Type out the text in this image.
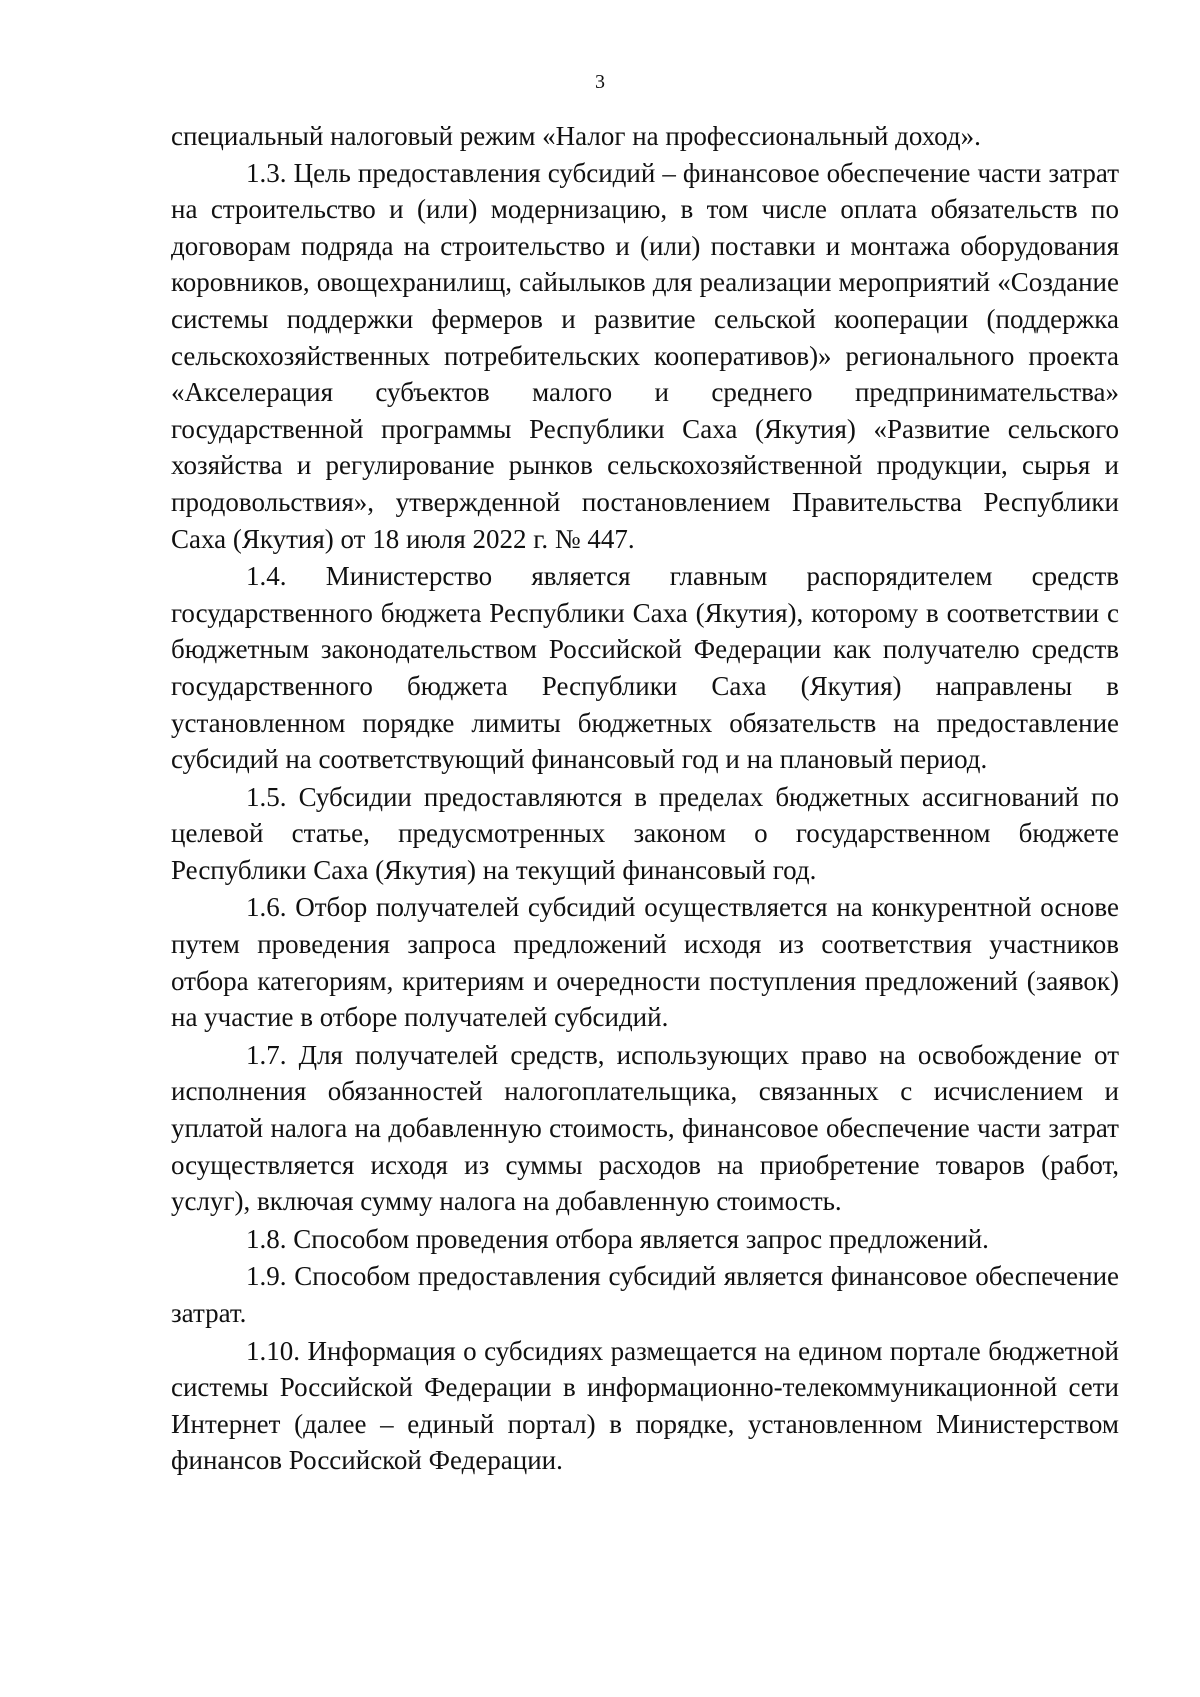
3

специальный налоговый режим «Налог на профессиональный доход».

1.3. Цель предоставления субсидий – финансовое обеспечение части затрат на строительство и (или) модернизацию, в том числе оплата обязательств по договорам подряда на строительство и (или) поставки и монтажа оборудования коровников, овощехранилищ, сайылыков для реализации мероприятий «Создание системы поддержки фермеров и развитие сельской кооперации (поддержка сельскохозяйственных потребительских кооперативов)» регионального проекта «Акселерация субъектов малого и среднего предпринимательства» государственной программы Республики Саха (Якутия) «Развитие сельского хозяйства и регулирование рынков сельскохозяйственной продукции, сырья и продовольствия», утвержденной постановлением Правительства Республики Саха (Якутия) от 18 июля 2022 г. № 447.

1.4. Министерство является главным распорядителем средств государственного бюджета Республики Саха (Якутия), которому в соответствии с бюджетным законодательством Российской Федерации как получателю средств государственного бюджета Республики Саха (Якутия) направлены в установленном порядке лимиты бюджетных обязательств на предоставление субсидий на соответствующий финансовый год и на плановый период.

1.5. Субсидии предоставляются в пределах бюджетных ассигнований по целевой статье, предусмотренных законом о государственном бюджете Республики Саха (Якутия) на текущий финансовый год.

1.6. Отбор получателей субсидий осуществляется на конкурентной основе путем проведения запроса предложений исходя из соответствия участников отбора категориям, критериям и очередности поступления предложений (заявок) на участие в отборе получателей субсидий.

1.7. Для получателей средств, использующих право на освобождение от исполнения обязанностей налогоплательщика, связанных с исчислением и уплатой налога на добавленную стоимость, финансовое обеспечение части затрат осуществляется исходя из суммы расходов на приобретение товаров (работ, услуг), включая сумму налога на добавленную стоимость.

1.8. Способом проведения отбора является запрос предложений.

1.9. Способом предоставления субсидий является финансовое обеспечение затрат.

1.10. Информация о субсидиях размещается на едином портале бюджетной системы Российской Федерации в информационно-телекоммуникационной сети Интернет (далее – единый портал) в порядке, установленном Министерством финансов Российской Федерации.
